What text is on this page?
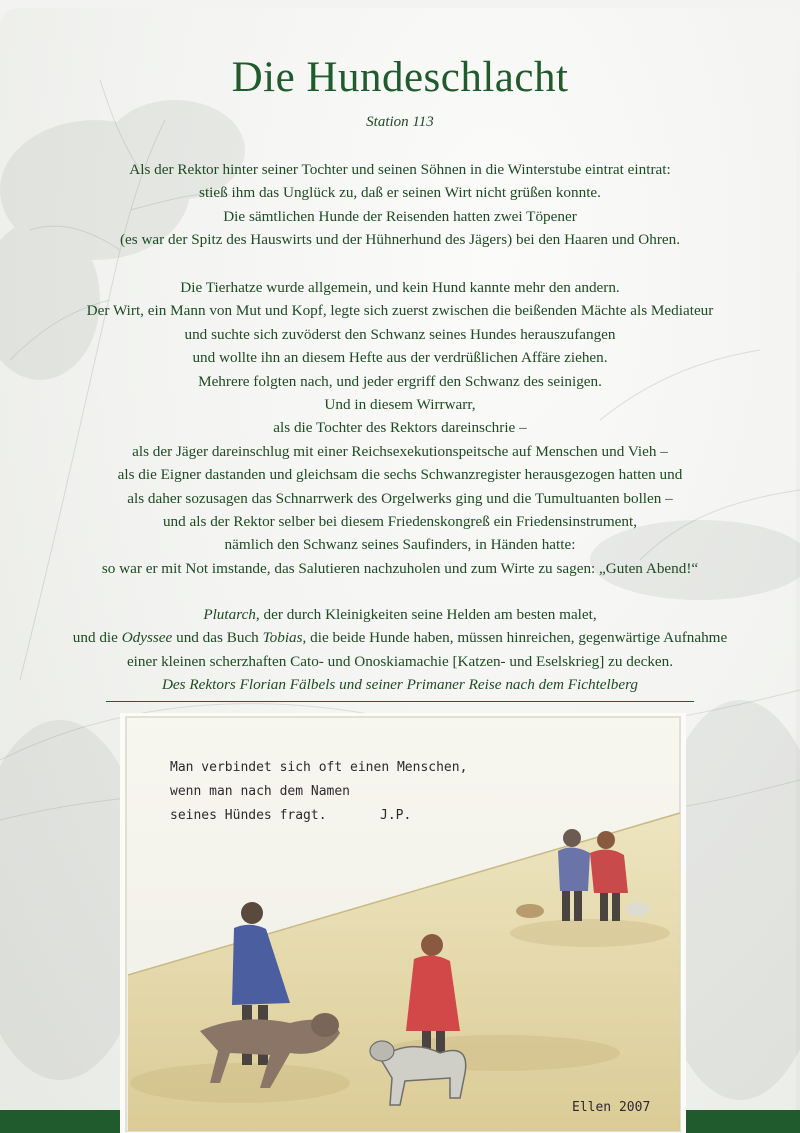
Die Hundeschlacht
Station 113
Als der Rektor hinter seiner Tochter und seinen Söhnen in die Winterstube eintrat eintrat:
stieß ihm das Unglück zu, daß er seinen Wirt nicht grüßen konnte.
Die sämtlichen Hunde der Reisenden hatten zwei Töpener
(es war der Spitz des Hauswirts und der Hühnerhund des Jägers) bei den Haaren und Ohren.
Die Tierhatze wurde allgemein, und kein Hund kannte mehr den andern.
Der Wirt, ein Mann von Mut und Kopf, legte sich zuerst zwischen die beißenden Mächte als Mediateur
und suchte sich zuvöderst den Schwanz seines Hundes herauszufangen
und wollte ihn an diesem Hefte aus der verdrüßlichen Affäre ziehen.
Mehrere folgten nach, und jeder ergriff den Schwanz des seinigen.
Und in diesem Wirrwarr,
als die Tochter des Rektors dareinschrie –
als der Jäger dareinschlug mit einer Reichsexekutionspeitsche auf Menschen und Vieh –
als die Eigner dastanden und gleichsam die sechs Schwanzregister herausgezogen hatten und
als daher sozusagen das Schnarrwerk des Orgelwerks ging und die Tumultuanten bollen –
und als der Rektor selber bei diesem Friedenskongreß ein Friedensinstrument,
nämlich den Schwanz seines Saufinders, in Händen hatte:
so war er mit Not imstande, das Salutieren nachzuholen und zum Wirte zu sagen: „Guten Abend!“
Plutarch, der durch Kleinigkeiten seine Helden am besten malet,
und die Odyssee und das Buch Tobias, die beide Hunde haben, müssen hinreichen, gegenwärtige Aufnahme
einer kleinen scherzhaften Cato- und Onoskiamachie [Katzen- und Eselskrieg] zu decken.
Des Rektors Florian Fälbels und seiner Primaner Reise nach dem Fichtelberg
Man verbindet sich oft einen Menschen,
wenn man nach dem Namen
seines Hündes fragt.	J.P.
Ellen 2007
